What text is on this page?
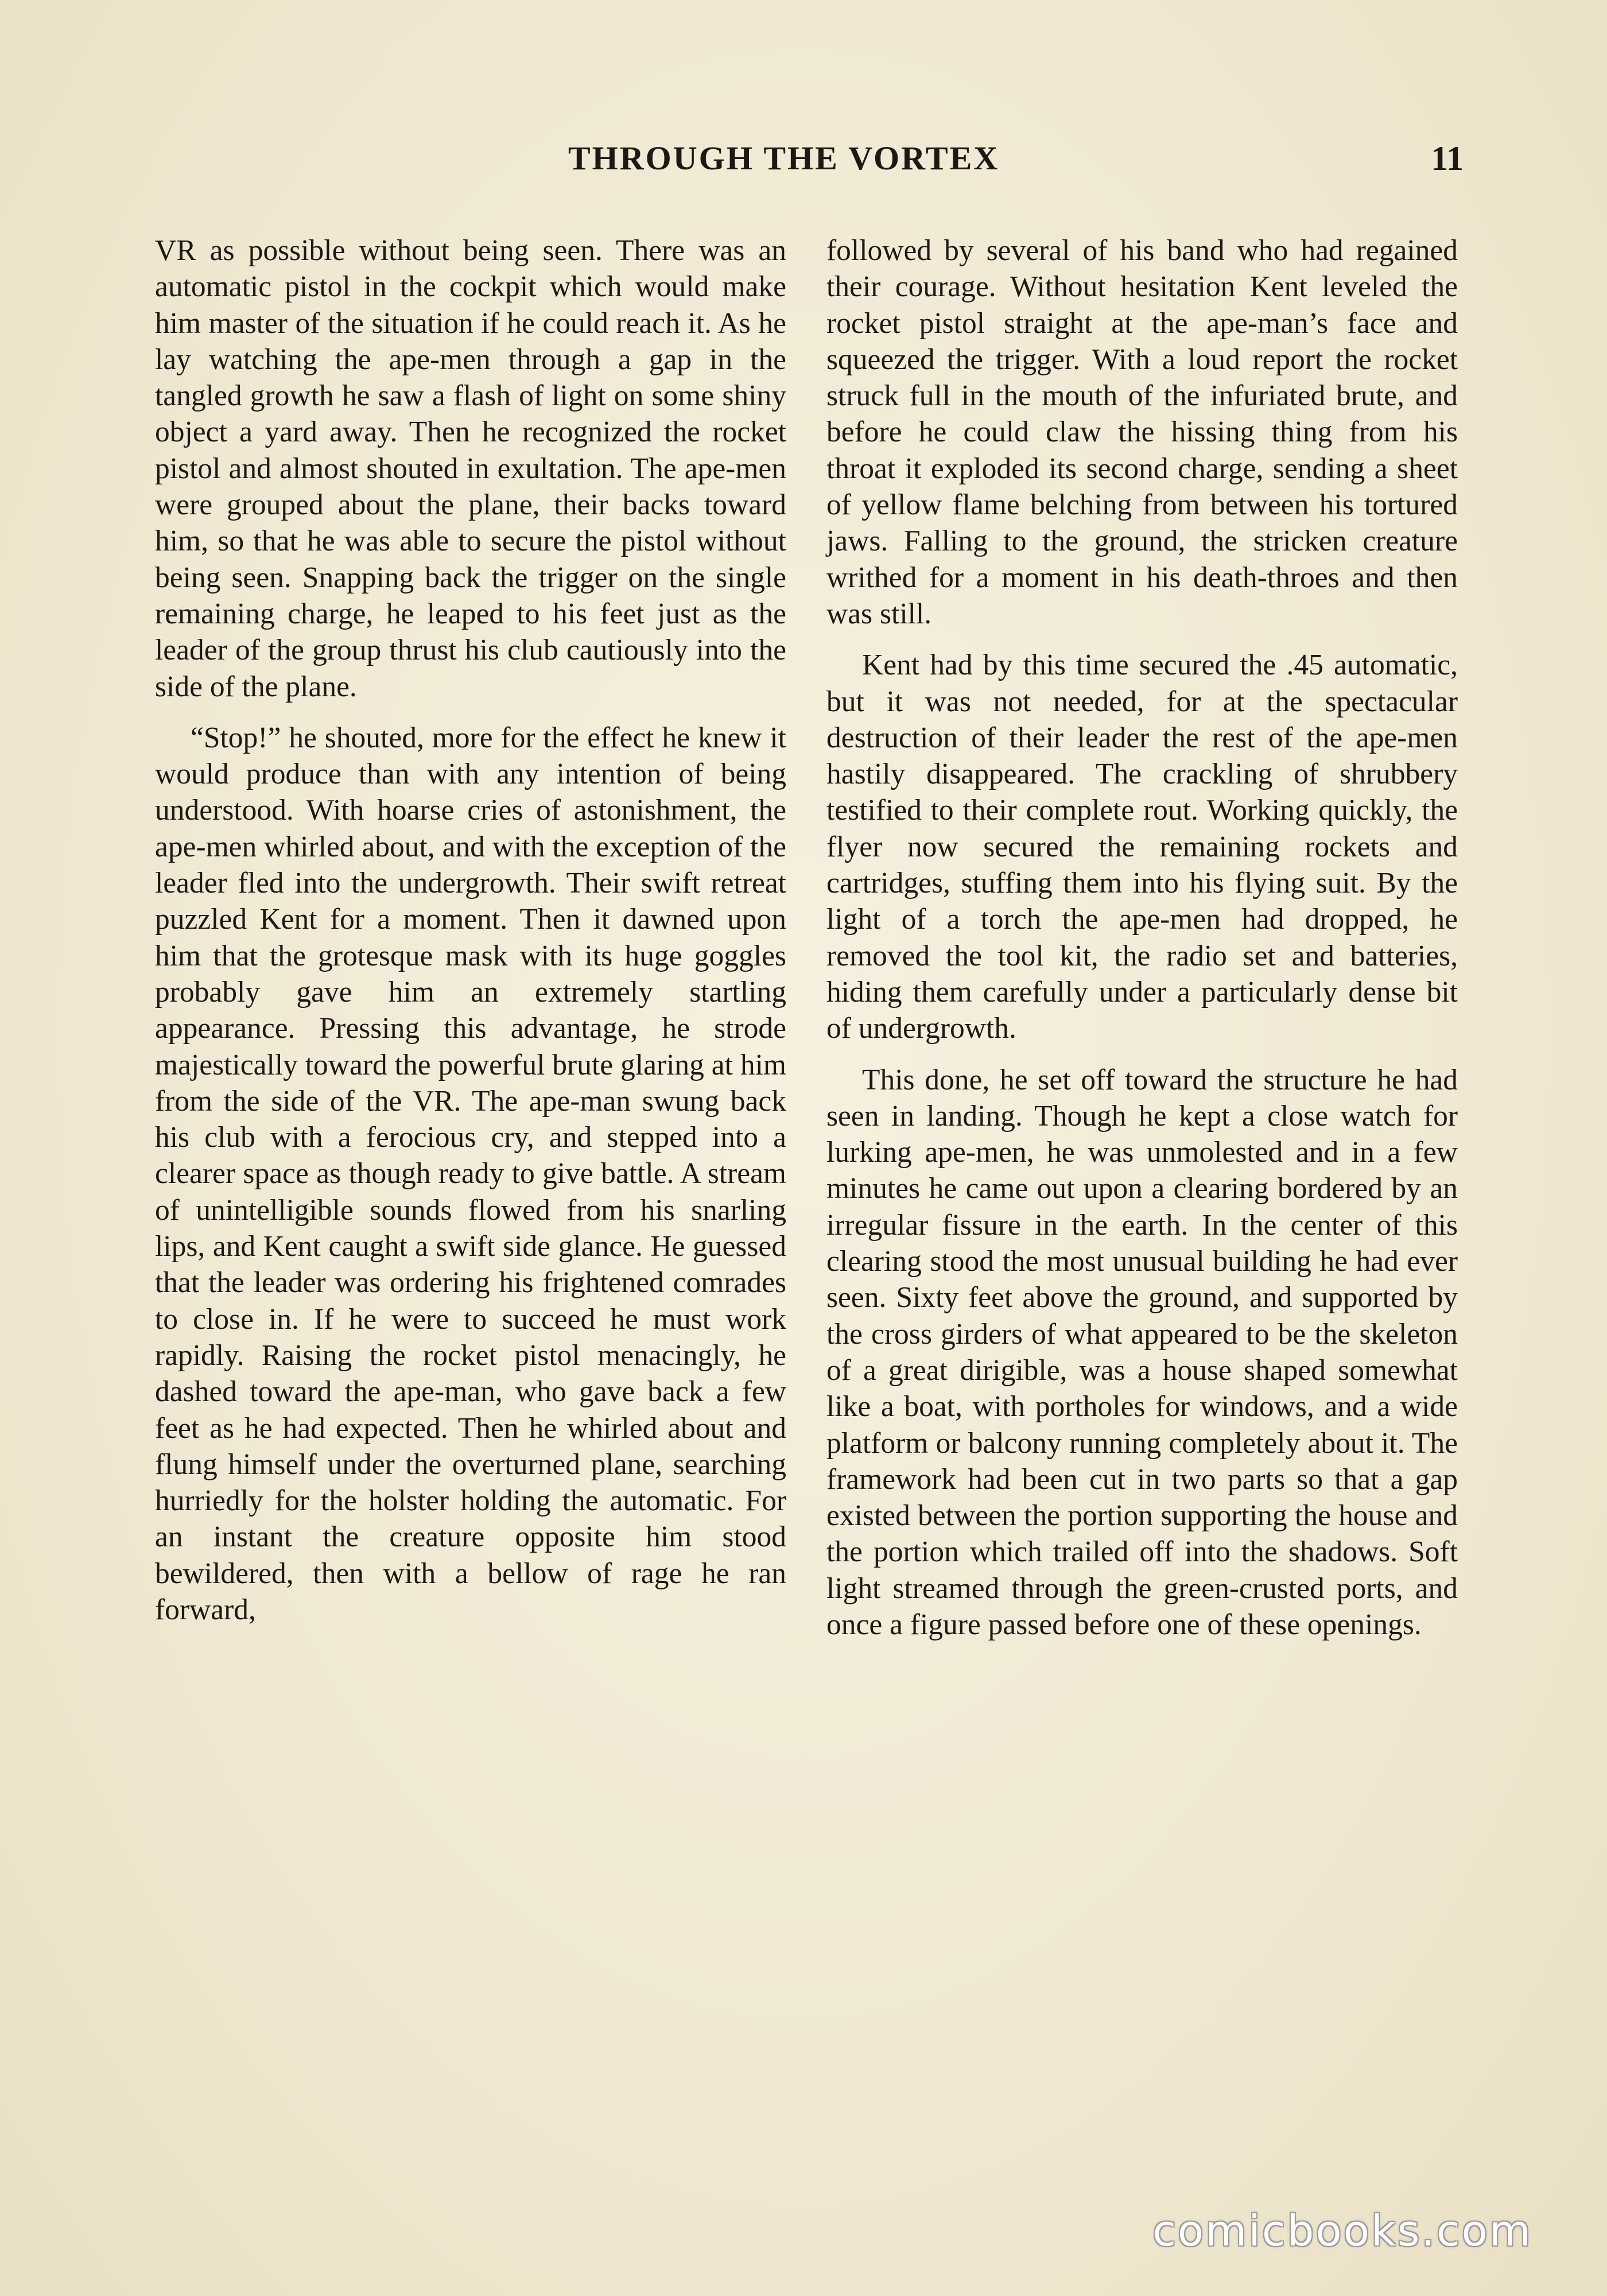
THROUGH THE VORTEX	11

VR as possible without being seen. There was an automatic pistol in the cockpit which would make him master of the situation if he could reach it. As he lay watching the ape-men through a gap in the tangled growth he saw a flash of light on some shiny object a yard away. Then he recognized the rocket pistol and almost shouted in exultation. The ape-men were grouped about the plane, their backs toward him, so that he was able to secure the pistol without being seen. Snapping back the trigger on the single remaining charge, he leaped to his feet just as the leader of the group thrust his club cautiously into the side of the plane.

“Stop!” he shouted, more for the effect he knew it would produce than with any intention of being understood. With hoarse cries of astonishment, the ape-men whirled about, and with the exception of the leader fled into the undergrowth. Their swift retreat puzzled Kent for a moment. Then it dawned upon him that the grotesque mask with its huge goggles probably gave him an extremely startling appearance. Pressing this advantage, he strode majestically toward the powerful brute glaring at him from the side of the VR. The ape-man swung back his club with a ferocious cry, and stepped into a clearer space as though ready to give battle. A stream of unintelligible sounds flowed from his snarling lips, and Kent caught a swift side glance. He guessed that the leader was ordering his frightened comrades to close in. If he were to succeed he must work rapidly. Raising the rocket pistol menacingly, he dashed toward the ape-man, who gave back a few feet as he had expected. Then he whirled about and flung himself under the overturned plane, searching hurriedly for the holster holding the automatic. For an instant the creature opposite him stood bewildered, then with a bellow of rage he ran forward,

followed by several of his band who had regained their courage. Without hesitation Kent leveled the rocket pistol straight at the ape-man’s face and squeezed the trigger. With a loud report the rocket struck full in the mouth of the infuriated brute, and before he could claw the hissing thing from his throat it exploded its second charge, sending a sheet of yellow flame belching from between his tortured jaws. Falling to the ground, the stricken creature writhed for a moment in his death-throes and then was still.

Kent had by this time secured the .45 automatic, but it was not needed, for at the spectacular destruction of their leader the rest of the ape-men hastily disappeared. The crackling of shrubbery testified to their complete rout. Working quickly, the flyer now secured the remaining rockets and cartridges, stuffing them into his flying suit. By the light of a torch the ape-men had dropped, he removed the tool kit, the radio set and batteries, hiding them carefully under a particularly dense bit of undergrowth.

This done, he set off toward the structure he had seen in landing. Though he kept a close watch for lurking ape-men, he was unmolested and in a few minutes he came out upon a clearing bordered by an irregular fissure in the earth. In the center of this clearing stood the most unusual building he had ever seen. Sixty feet above the ground, and supported by the cross girders of what appeared to be the skeleton of a great dirigible, was a house shaped somewhat like a boat, with portholes for windows, and a wide platform or balcony running completely about it. The framework had been cut in two parts so that a gap existed between the portion supporting the house and the portion which trailed off into the shadows. Soft light streamed through the green-crusted ports, and once a figure passed before one of these openings.

comicbooks.com
